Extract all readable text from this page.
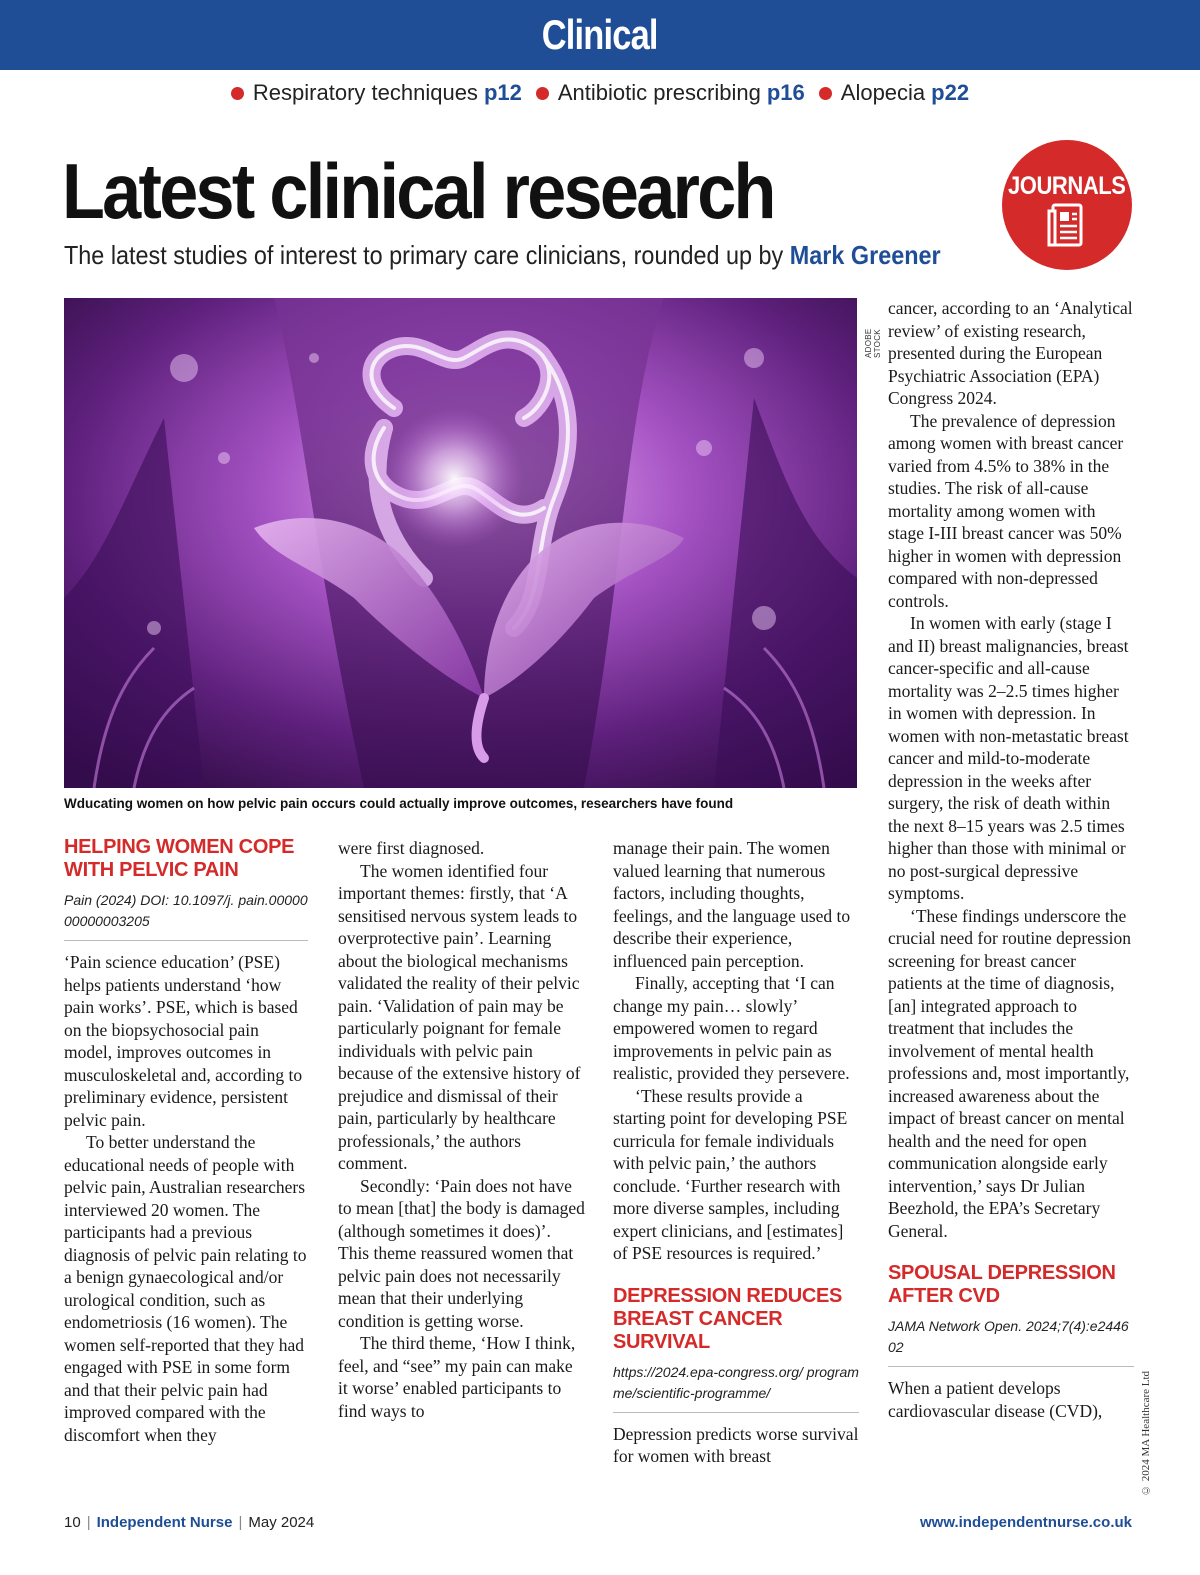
Clinical
Respiratory techniques p12 Antibiotic prescribing p16 Alopecia p22
Latest clinical research
The latest studies of interest to primary care clinicians, rounded up by Mark Greener
JOURNALS
ADOBE STOCK
Wducating women on how pelvic pain occurs could actually improve outcomes, researchers have found
HELPING WOMEN COPE WITH PELVIC PAIN
Pain (2024) DOI: 10.1097/j. pain.0000000000003205

‘Pain science education’ (PSE) helps patients understand ‘how pain works’. PSE, which is based on the biopsychosocial pain model, improves outcomes in musculoskeletal and, according to preliminary evidence, persistent pelvic pain.

To better understand the educational needs of people with pelvic pain, Australian researchers interviewed 20 women. The participants had a previous diagnosis of pelvic pain relating to a benign gynaecological and/or urological condition, such as endometriosis (16 women). The women self-reported that they had engaged with PSE in some form and that their pelvic pain had improved compared with the discomfort when they

were first diagnosed.

The women identified four important themes: firstly, that ‘A sensitised nervous system leads to overprotective pain’. Learning about the biological mechanisms validated the reality of their pelvic pain. ‘Validation of pain may be particularly poignant for female individuals with pelvic pain because of the extensive history of prejudice and dismissal of their pain, particularly by healthcare professionals,’ the authors comment.

Secondly: ‘Pain does not have to mean [that] the body is damaged (although sometimes it does)’. This theme reassured women that pelvic pain does not necessarily mean that their underlying condition is getting worse.

The third theme, ‘How I think, feel, and “see” my pain can make it worse’ enabled participants to find ways to

manage their pain. The women valued learning that numerous factors, including thoughts, feelings, and the language used to describe their experience, influenced pain perception.

Finally, accepting that ‘I can change my pain… slowly’ empowered women to regard improvements in pelvic pain as realistic, provided they persevere.

‘These results provide a starting point for developing PSE curricula for female individuals with pelvic pain,’ the authors conclude. ‘Further research with more diverse samples, including expert clinicians, and [estimates] of PSE resources is required.’

DEPRESSION REDUCES BREAST CANCER SURVIVAL
https://2024.epa-congress.org/ programme/scientific-programme/

Depression predicts worse survival for women with breast

cancer, according to an ‘Analytical review’ of existing research, presented during the European Psychiatric Association (EPA) Congress 2024.

The prevalence of depression among women with breast cancer varied from 4.5% to 38% in the studies. The risk of all-cause mortality among women with stage I-III breast cancer was 50% higher in women with depression compared with non-depressed controls.

In women with early (stage I and II) breast malignancies, breast cancer-specific and all-cause mortality was 2–2.5 times higher in women with depression. In women with non-metastatic breast cancer and mild-to-moderate depression in the weeks after surgery, the risk of death within the next 8–15 years was 2.5 times higher than those with minimal or no post-surgical depressive symptoms.

‘These findings underscore the crucial need for routine depression screening for breast cancer patients at the time of diagnosis, [an] integrated approach to treatment that includes the involvement of mental health professions and, most importantly, increased awareness about the impact of breast cancer on mental health and the need for open communication alongside early intervention,’ says Dr Julian Beezhold, the EPA’s Secretary General.

SPOUSAL DEPRESSION AFTER CVD
JAMA Network Open. 2024;7(4):e244602

When a patient develops cardiovascular disease (CVD),	© 2024 MA Healthcare Ltd
10 | Independent Nurse | May 2024	www.independentnurse.co.uk
